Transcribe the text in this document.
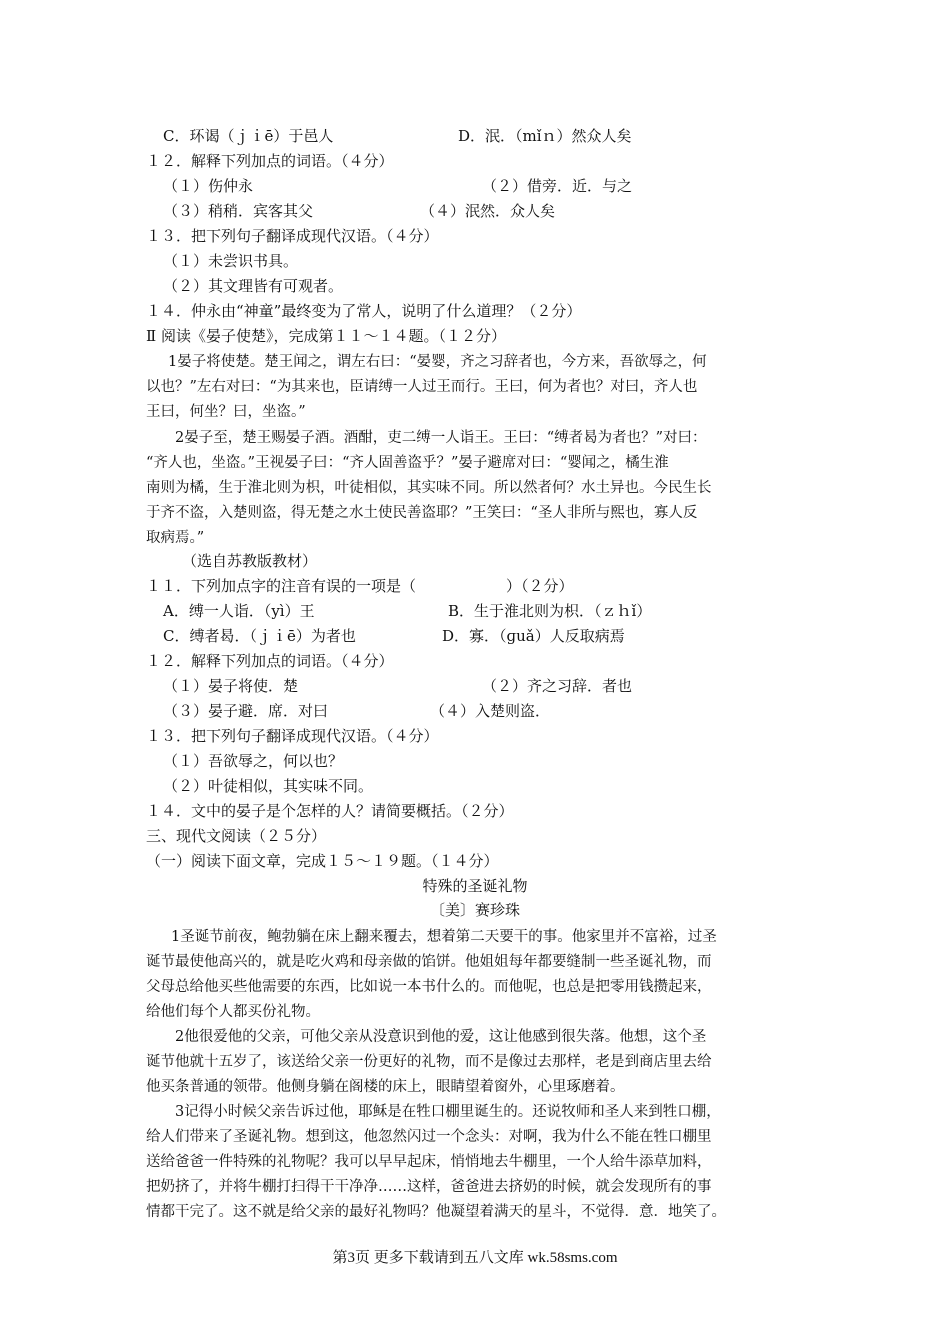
C．环谒（ｊｉē）于邑人	D．泯．（mǐｎ）然众人矣
１２．解释下列加点的词语。（４分）
（１）伤仲永	（２）借旁．近．与之
（３）稍稍．宾客其父	（４）泯然．众人矣
１３．把下列句子翻译成现代汉语。（４分）
（１）未尝识书具。
（２）其文理皆有可观者。
１４．仲永由“神童”最终变为了常人，说明了什么道理？（２分）
Ⅱ 阅读《晏子使楚》，完成第１１～１４题。（１２分）
1晏子将使楚。楚王闻之，谓左右曰：“晏婴，齐之习辞者也，今方来，吾欲辱之，何
以也？”左右对曰：“为其来也，臣请缚一人过王而行。王曰，何为者也？对曰，齐人也
王曰，何坐？曰，坐盗。”
2晏子至，楚王赐晏子酒。酒酣，吏二缚一人诣王。王曰：“缚者曷为者也？”对曰：
“齐人也，坐盗。”王视晏子曰：“齐人固善盗乎？”晏子避席对曰：“婴闻之，橘生淮
南则为橘，生于淮北则为枳，叶徒相似，其实味不同。所以然者何？水土异也。今民生长
于齐不盗，入楚则盗，得无楚之水土使民善盗耶？”王笑曰：“圣人非所与熙也，寡人反
取病焉。”
（选自苏教版教材）
１１．下列加点字的注音有误的一项是（　　　　　　）（２分）
A．缚一人诣．（yì）王	B．生于淮北则为枳．（ｚｈǐ）
C．缚者曷．（ｊｉē）为者也	D．寡．（ɡuǎ）人反取病焉
１２．解释下列加点的词语。（４分）
（１）晏子将使．楚	（２）齐之习辞．者也
（３）晏子避．席．对曰	（４）入楚则盗．
１３．把下列句子翻译成现代汉语。（４分）
（１）吾欲辱之，何以也？
（２）叶徒相似，其实味不同。
１４．文中的晏子是个怎样的人？请简要概括。（２分）
三、现代文阅读（２５分）
（一）阅读下面文章，完成１５～１９题。（１４分）
特殊的圣诞礼物
〔美〕赛珍珠
1圣诞节前夜，鲍勃躺在床上翻来覆去，想着第二天要干的事。他家里并不富裕，过圣
诞节最使他高兴的，就是吃火鸡和母亲做的馅饼。他姐姐每年都要缝制一些圣诞礼物，而
父母总给他买些他需要的东西，比如说一本书什么的。而他呢，也总是把零用钱攒起来，
给他们每个人都买份礼物。
2他很爱他的父亲，可他父亲从没意识到他的爱，这让他感到很失落。他想，这个圣
诞节他就十五岁了，该送给父亲一份更好的礼物，而不是像过去那样，老是到商店里去给
他买条普通的领带。他侧身躺在阁楼的床上，眼睛望着窗外，心里琢磨着。
3记得小时候父亲告诉过他，耶稣是在牲口棚里诞生的。还说牧师和圣人来到牲口棚，
给人们带来了圣诞礼物。想到这，他忽然闪过一个念头：对啊，我为什么不能在牲口棚里
送给爸爸一件特殊的礼物呢？我可以早早起床，悄悄地去牛棚里，一个人给牛添草加料，
把奶挤了，并将牛棚打扫得干干净净……这样，爸爸进去挤奶的时候，就会发现所有的事
情都干完了。这不就是给父亲的最好礼物吗？他凝望着满天的星斗，不觉得．意．地笑了。
第3页 更多下载请到五八文库 wk.58sms.com
